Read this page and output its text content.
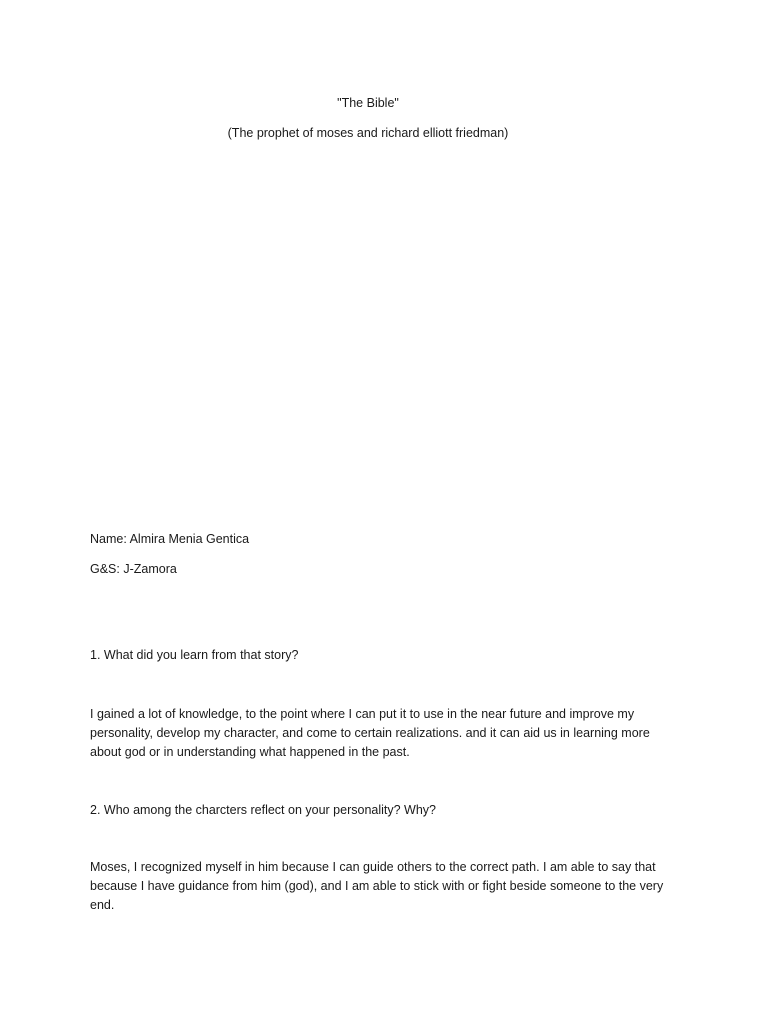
"The Bible"

(The prophet of moses and richard elliott friedman)

Name: Almira Menia Gentica

G&S: J-Zamora

1. What did you learn from that story?

I gained a lot of knowledge, to the point where I can put it to use in the near future and improve my
personality, develop my character, and come to certain realizations. and it can aid us in learning more
about god or in understanding what happened in the past.

2. Who among the charcters reflect on your personality? Why?

Moses, I recognized myself in him because I can guide others to the correct path. I am able to say that
because I have guidance from him (god), and I am able to stick with or fight beside someone to the very
end.
